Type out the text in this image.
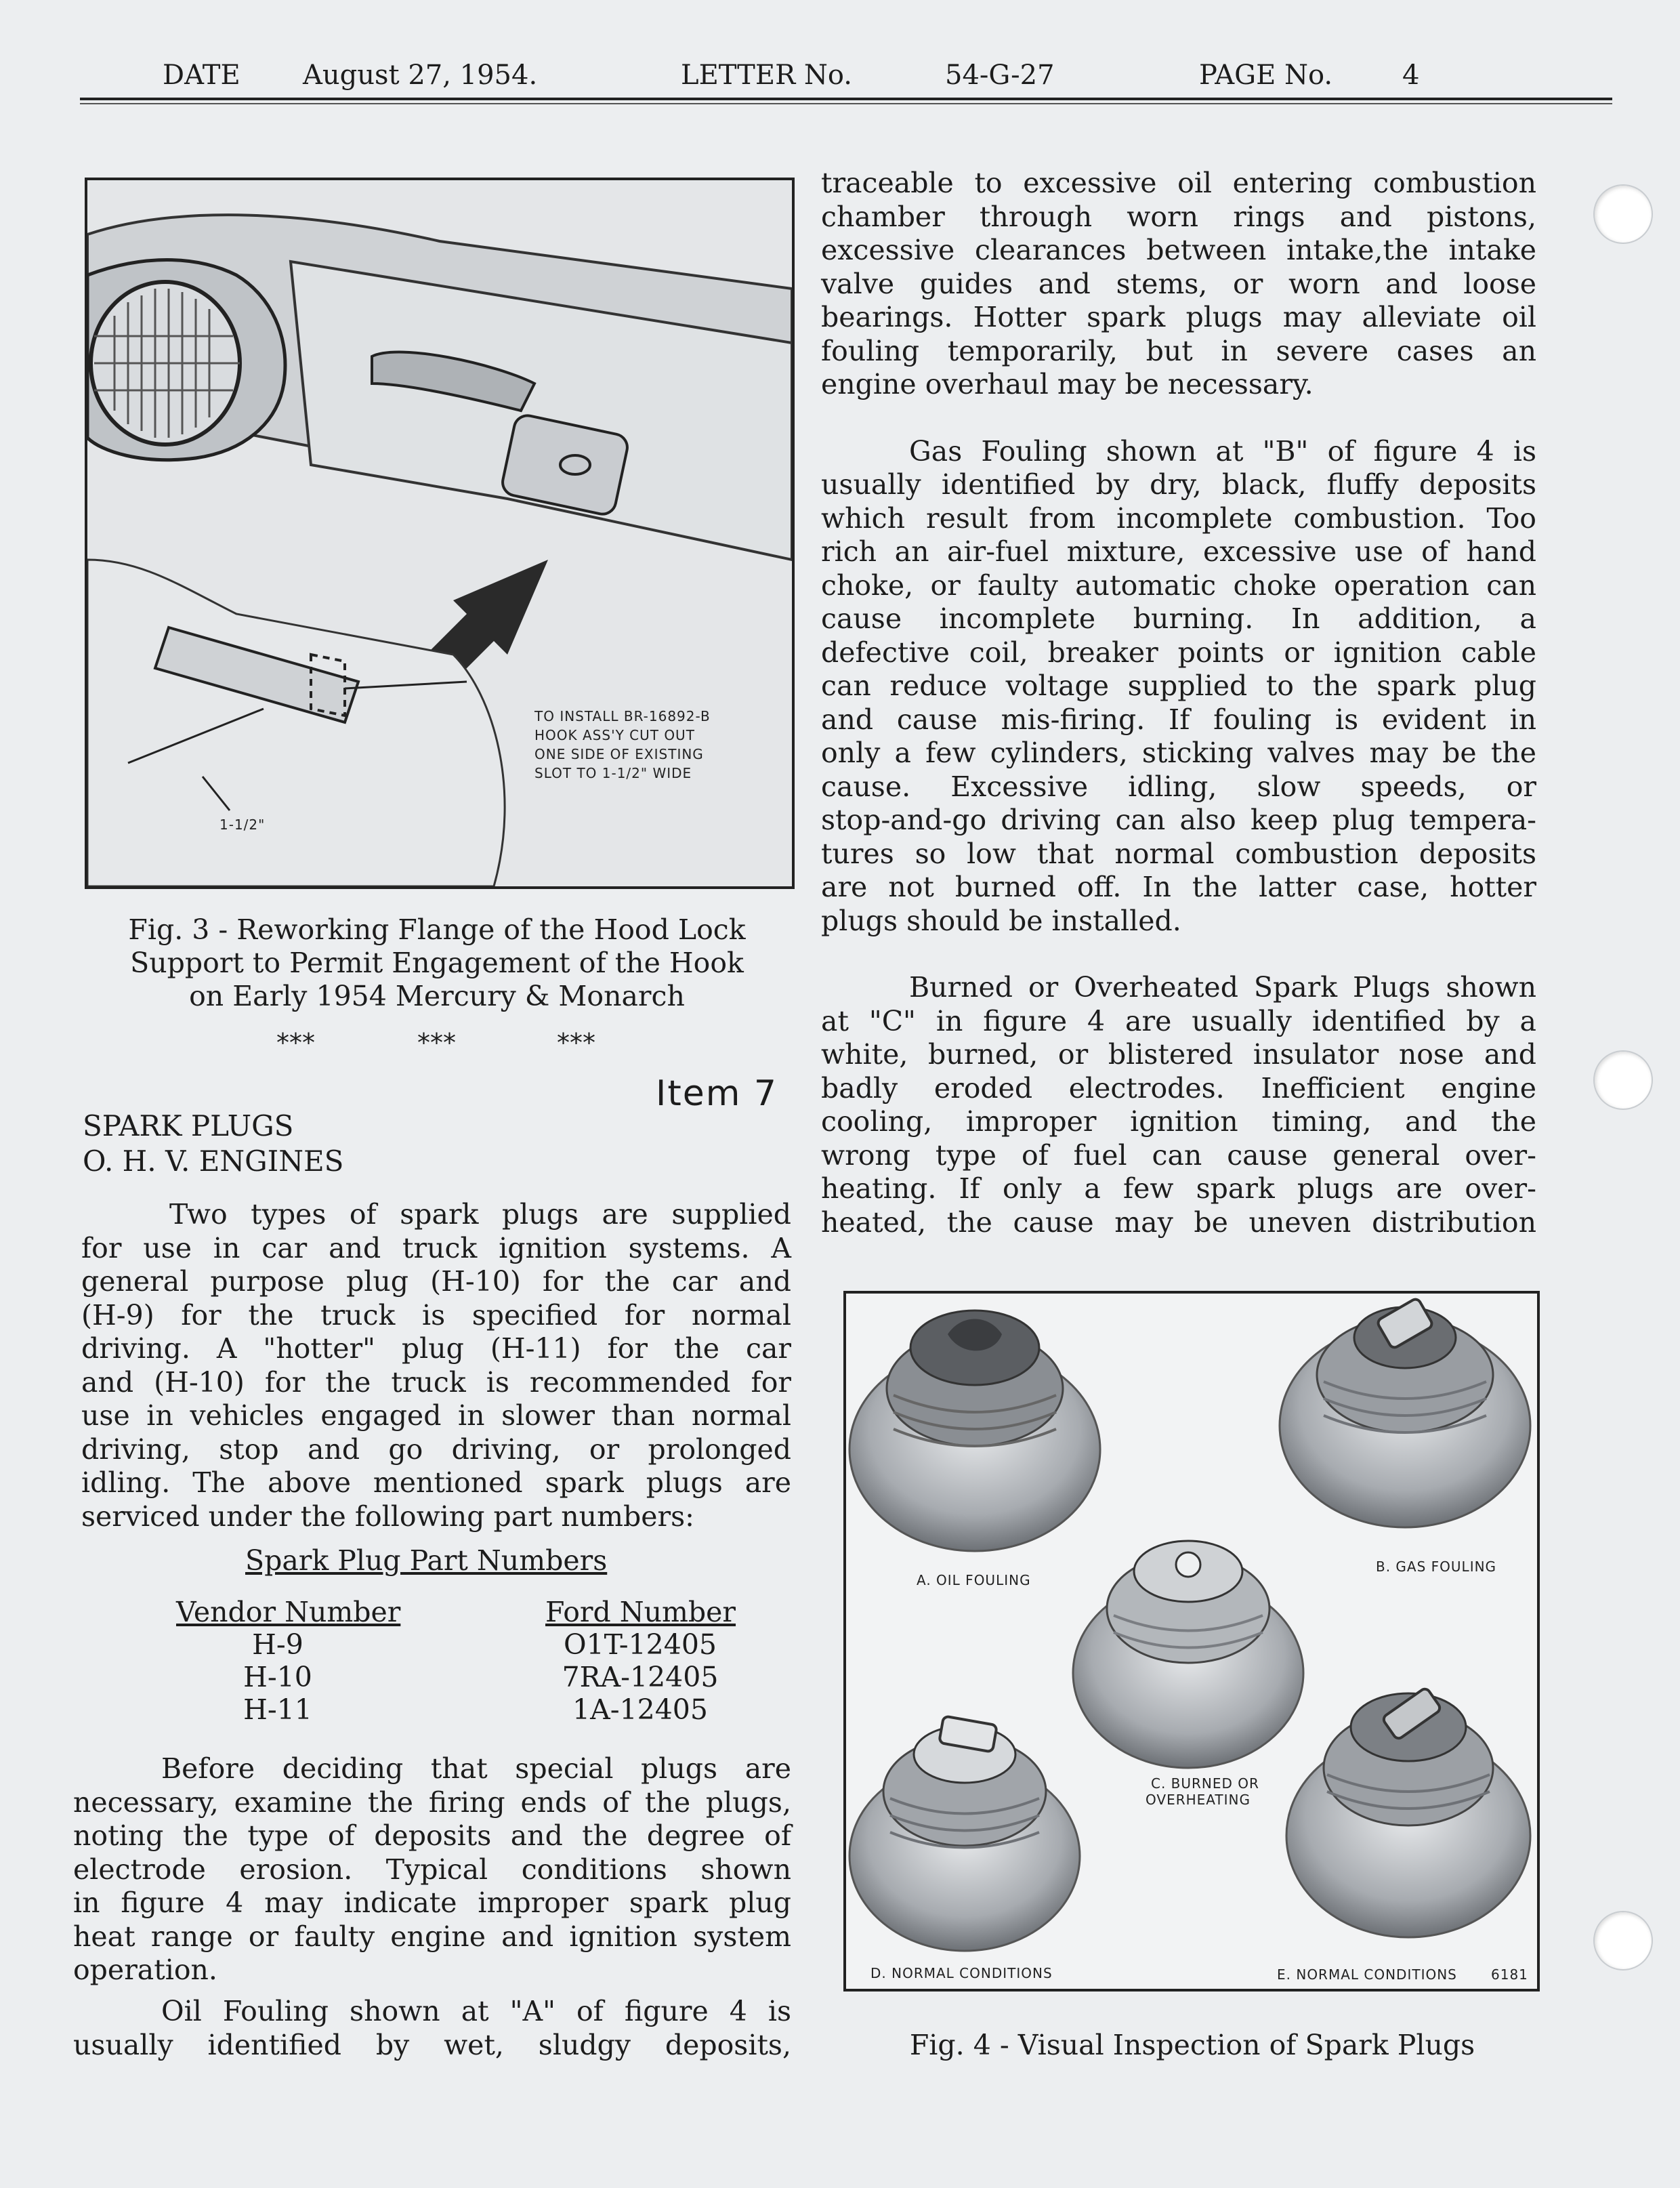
DATE August 27, 1954.	LETTER No.	54-G-27	PAGE No.	4
1-1/2"
TO INSTALL BR-16892-B
HOOK ASS'Y CUT OUT
ONE SIDE OF EXISTING
SLOT TO 1-1/2" WIDE
Fig. 3 - Reworking Flange of the Hood Lock
Support to Permit Engagement of the Hook
on Early 1954 Mercury & Monarch
***	***	***
Item 7
SPARK PLUGS
O. H. V. ENGINES

Two types of spark plugs are supplied

for use in car and truck ignition systems. A

general purpose plug (H-10) for the car and

(H-9) for the truck is specified for normal

driving. A "hotter" plug (H-11) for the car

and (H-10) for the truck is recommended for

use in vehicles engaged in slower than normal

driving, stop and go driving, or prolonged

idling. The above mentioned spark plugs are

serviced under the following part numbers:

Spark Plug Part Numbers
Vendor Number	Ford Number
H-9	O1T-12405
H-10	7RA-12405
H-11	1A-12405

Before deciding that special plugs are

necessary, examine the firing ends of the plugs,

noting the type of deposits and the degree of

electrode erosion. Typical conditions shown

in figure 4 may indicate improper spark plug

heat range or faulty engine and ignition system

operation.

Oil Fouling shown at "A" of figure 4 is

usually identified by wet, sludgy deposits,

traceable to excessive oil entering combustion

chamber through worn rings and pistons,

excessive clearances between intake,the intake

valve guides and stems, or worn and loose

bearings. Hotter spark plugs may alleviate oil

fouling temporarily, but in severe cases an

engine overhaul may be necessary.

Gas Fouling shown at "B" of figure 4 is

usually identified by dry, black, fluffy deposits

which result from incomplete combustion. Too

rich an air-fuel mixture, excessive use of hand

choke, or faulty automatic choke operation can

cause incomplete burning. In addition, a

defective coil, breaker points or ignition cable

can reduce voltage supplied to the spark plug

and cause mis-firing. If fouling is evident in

only a few cylinders, sticking valves may be the

cause. Excessive idling, slow speeds, or

stop-and-go driving can also keep plug tempera-

tures so low that normal combustion deposits

are not burned off. In the latter case, hotter

plugs should be installed.

Burned or Overheated Spark Plugs shown

at "C" in figure 4 are usually identified by a

white, burned, or blistered insulator nose and

badly eroded electrodes. Inefficient engine

cooling, improper ignition timing, and the

wrong type of fuel can cause general over-

heating. If only a few spark plugs are over-

heated, the cause may be uneven distribution

A. OIL FOULING
B. GAS FOULING
C. BURNED OR
OVERHEATING
D. NORMAL CONDITIONS	E. NORMAL CONDITIONS	6181
Fig. 4 - Visual Inspection of Spark Plugs
